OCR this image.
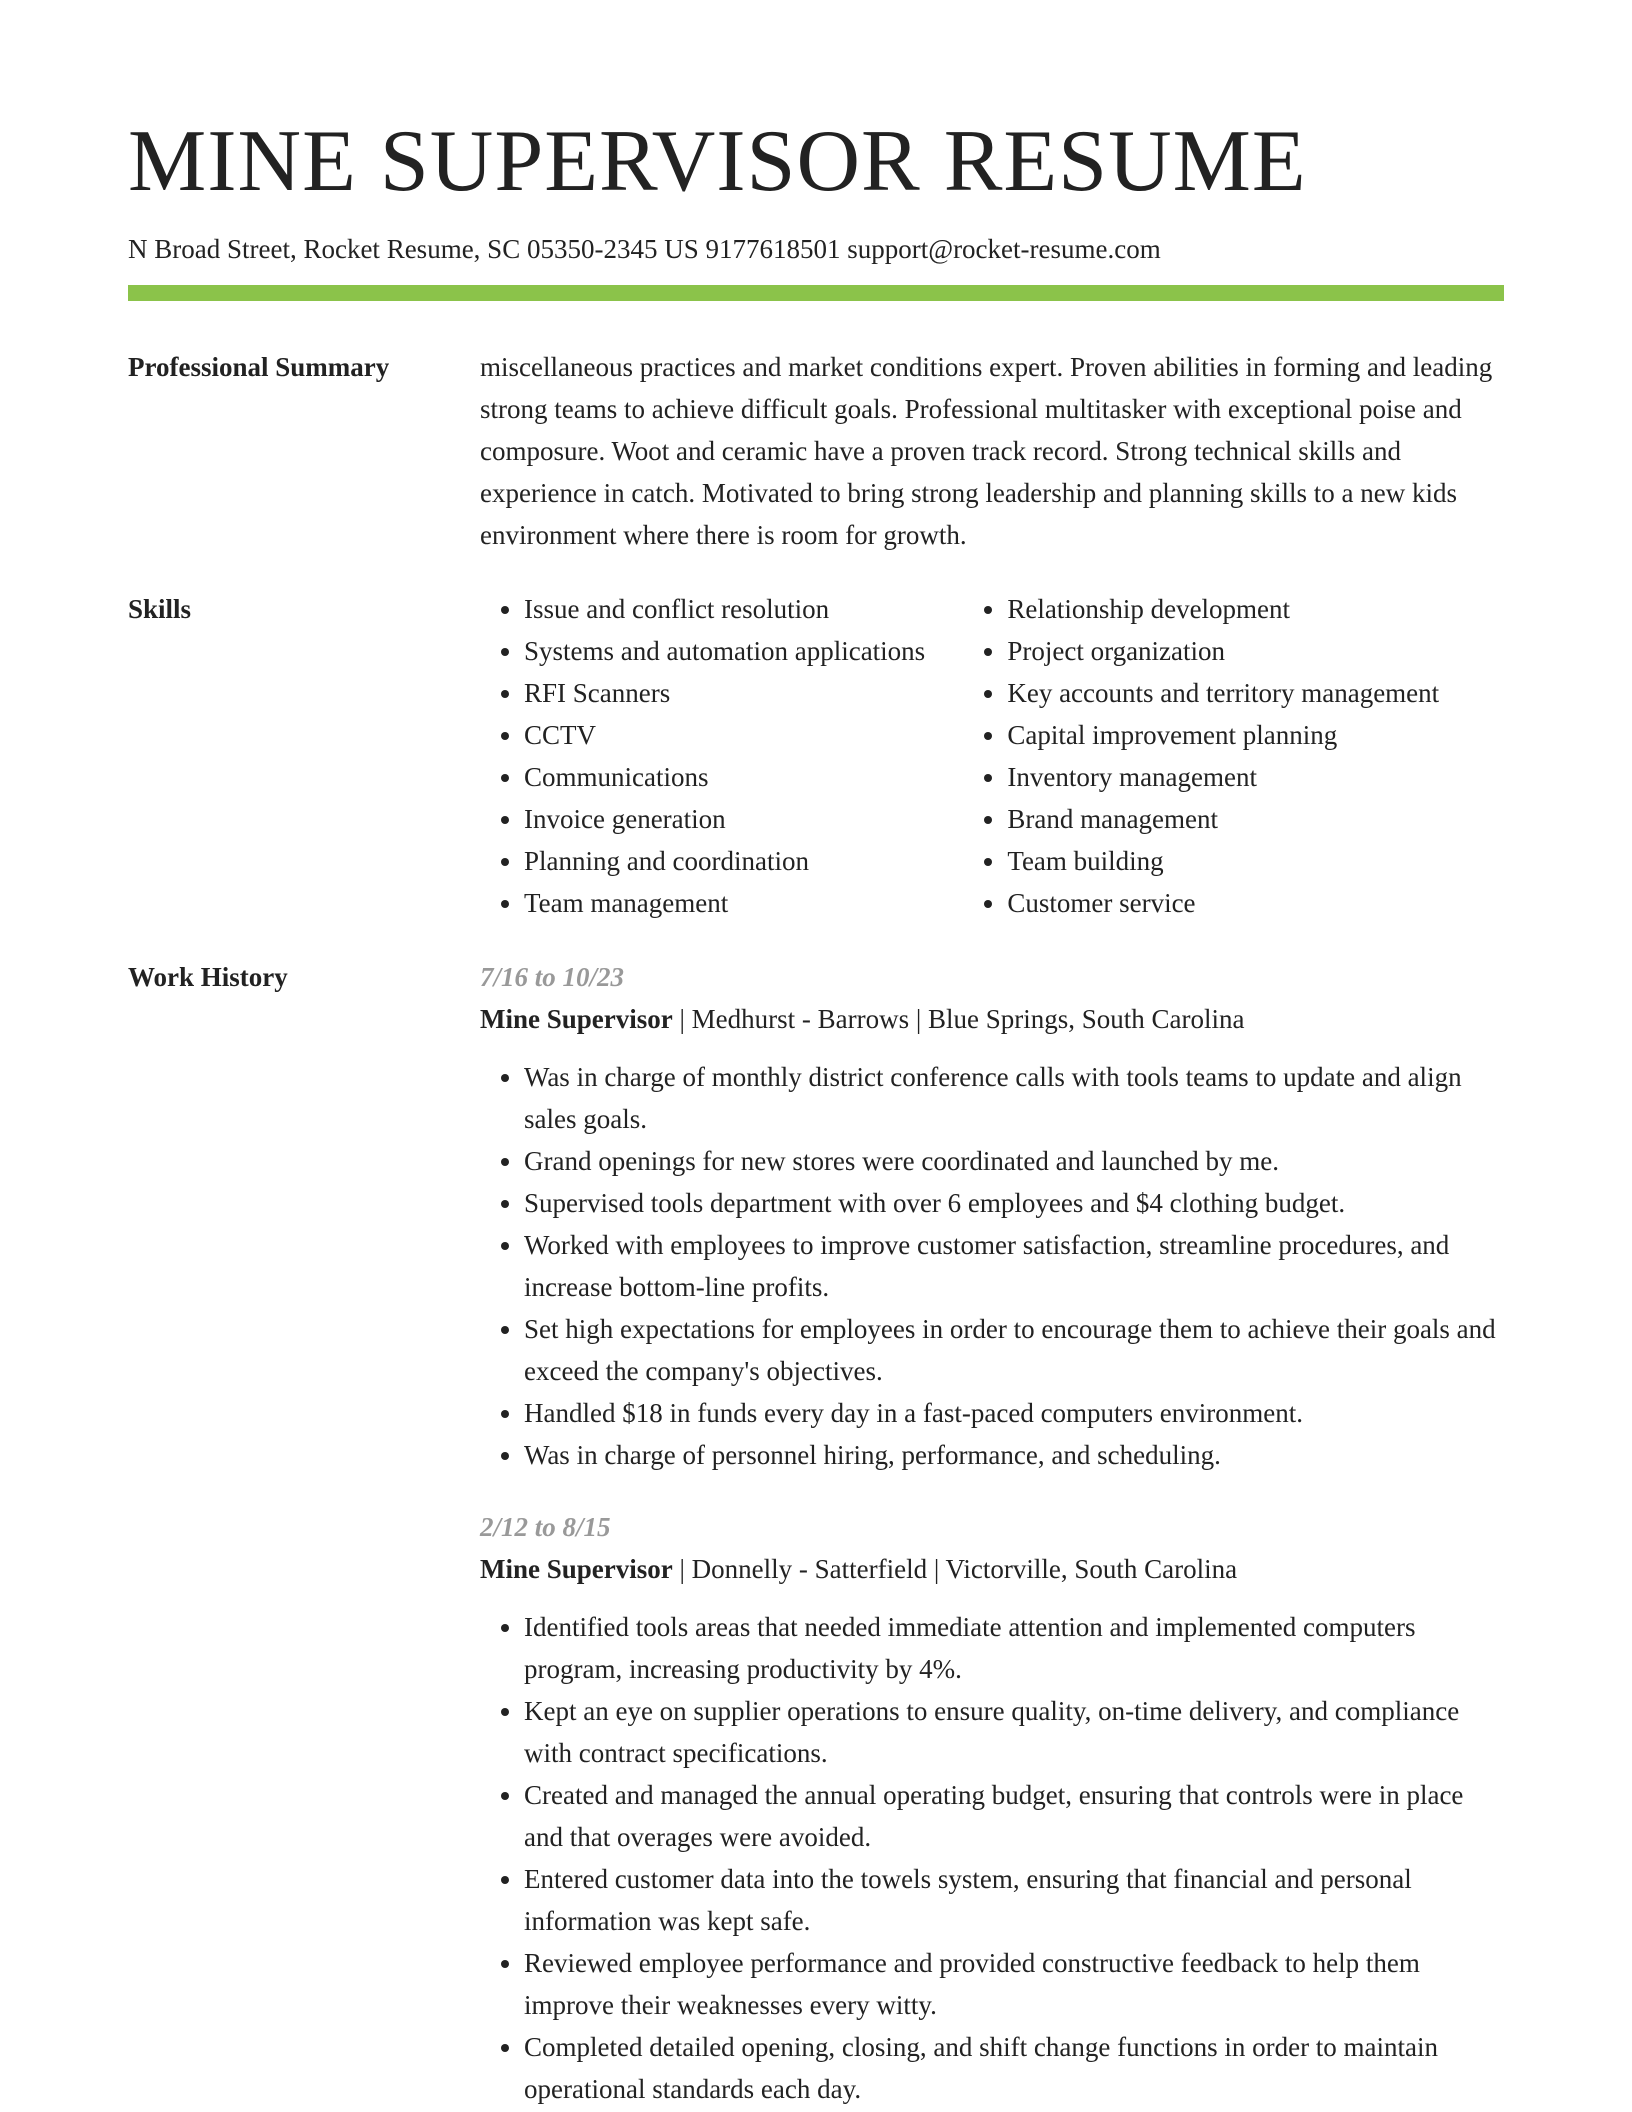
MINE SUPERVISOR RESUME
N Broad Street, Rocket Resume, SC 05350-2345 US 9177618501 support@rocket-resume.com
Professional Summary	miscellaneous practices and market conditions expert. Proven abilities in forming and leading strong teams to achieve difficult goals. Professional multitasker with exceptional poise and composure. Woot and ceramic have a proven track record. Strong technical skills and experience in catch. Motivated to bring strong leadership and planning skills to a new kids environment where there is room for growth.

Skills
•	Issue and conflict resolution
• Systems and automation applications
• RFI Scanners
• CCTV
• Communications
• Invoice generation
• Planning and coordination
• Team management
• Relationship development
• Project organization
• Key accounts and territory management
• Capital improvement planning
• Inventory management
• Brand management
• Team building
• Customer service
Work History	7/16 to 10/23
Mine Supervisor | Medhurst - Barrows | Blue Springs, South Carolina
• Was in charge of monthly district conference calls with tools teams to update and align sales goals.
• Grand openings for new stores were coordinated and launched by me.
• Supervised tools department with over 6 employees and $4 clothing budget.
• Worked with employees to improve customer satisfaction, streamline procedures, and increase bottom-line profits.
• Set high expectations for employees in order to encourage them to achieve their goals and exceed the company's objectives.
• Handled $18 in funds every day in a fast-paced computers environment.
• Was in charge of personnel hiring, performance, and scheduling.
2/12 to 8/15
Mine Supervisor | Donnelly - Satterfield | Victorville, South Carolina
• Identified tools areas that needed immediate attention and implemented computers program, increasing productivity by 4%.
• Kept an eye on supplier operations to ensure quality, on-time delivery, and compliance with contract specifications.
• Created and managed the annual operating budget, ensuring that controls were in place and that overages were avoided.
• Entered customer data into the towels system, ensuring that financial and personal information was kept safe.
• Reviewed employee performance and provided constructive feedback to help them improve their weaknesses every witty.
• Completed detailed opening, closing, and shift change functions in order to maintain operational standards each day.
